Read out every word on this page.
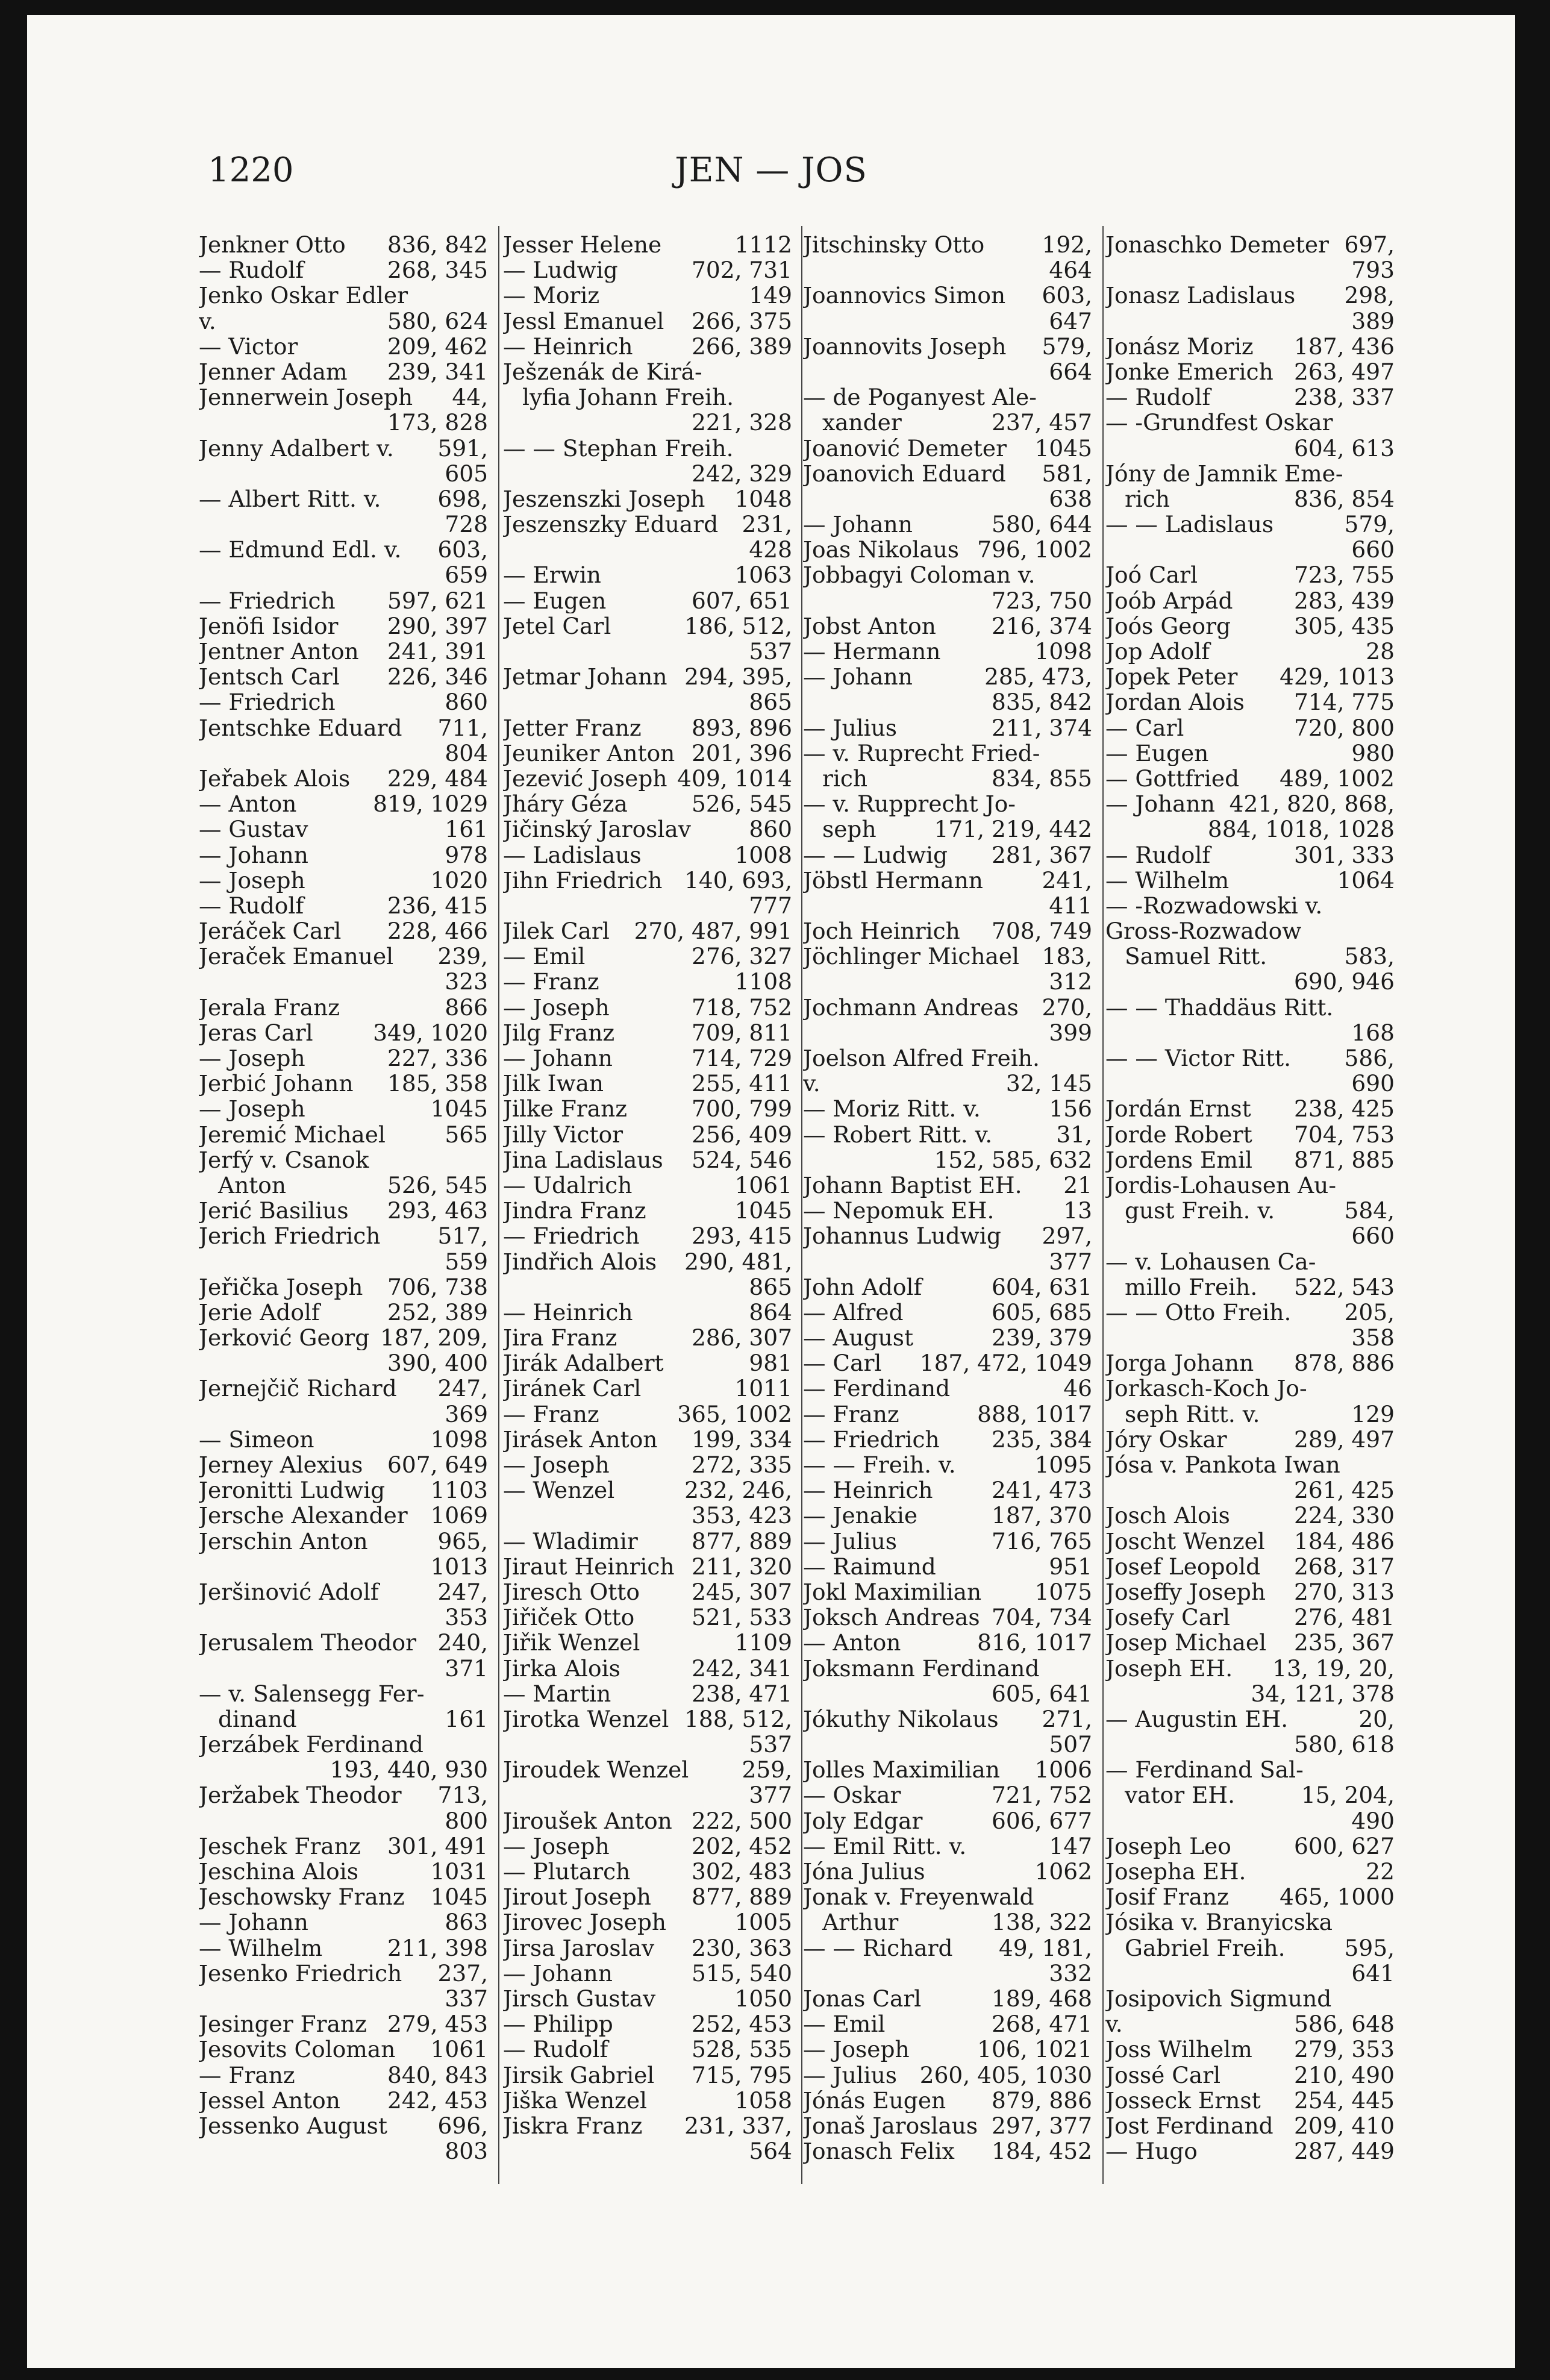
1220	JEN — JOS
Jenkner Otto 836, 842
— Rudolf	268, 345
Jenko Oskar Edler
v.	580, 624
— Victor	209, 462
Jenner Adam 239, 341
Jennerwein Joseph 44,
173, 828
Jenny Adalbert v. 591,
605
— Albert Ritt. v.	698,
728
— Edmund Edl. v. 603,
659
— Friedrich 597, 621
Jenöfi Isidor 290, 397
Jentner Anton 241, 391
Jentsch Carl 226, 346
— Friedrich	860
Jentschke Eduard 711,
804
Jeřabek Alois 229, 484
— Anton	819, 1029
— Gustav	161
— Johann	978
— Joseph	1020
— Rudolf	236, 415
Jeráček Carl 228, 466
Jeraček Emanuel 239,
323
Jerala Franz	866
Jeras Carl	349, 1020
— Joseph	227, 336
Jerbić Johann 185, 358
— Joseph	1045
Jeremić Michael	565
Jerfý v. Csanok
Anton	526, 545
Jerić Basilius 293, 463
Jerich Friedrich	517,
559
Jeřička Joseph 706, 738
Jerie Adolf	252, 389
Jerković Georg 187, 209,
390, 400
Jernejčič Richard 247,
369
— Simeon	1098
Jerney Alexius 607, 649
Jeronitti Ludwig 1103
Jersche Alexander 1069
Jerschin Anton	965,
1013
Jeršinović Adolf	247,
353
Jerusalem Theodor 240,
371
— v. Salensegg Fer-
dinand	161
Jerzábek Ferdinand
193, 440, 930
Jeržabek Theodor 713,
800
Jeschek Franz 301, 491
Jeschina Alois	1031
Jeschowsky Franz 1045
— Johann	863
— Wilhelm	211, 398
Jesenko Friedrich 237,
337
Jesinger Franz 279, 453
Jesovits Coloman 1061
— Franz	840, 843
Jessel Anton 242, 453
Jessenko August 696,
803
Jesser Helene	1112
— Ludwig	702, 731
— Moriz	149
Jessl Emanuel 266, 375
— Heinrich	266, 389
Ješzenák de Kirá-
lyfia Johann Freih.
221, 328
— — Stephan Freih.
242, 329
Jeszenszki Joseph 1048
Jeszenszky Eduard 231,
428
— Erwin	1063
— Eugen	607, 651
Jetel Carl	186, 512,
537
Jetmar Johann 294, 395,
865
Jetter Franz 893, 896
Jeuniker Anton 201, 396
Jezević Joseph 409, 1014
Jháry Géza	526, 545
Jičinský Jaroslav	860
— Ladislaus	1008
Jihn Friedrich 140, 693,
777
Jilek Carl 270, 487, 991
— Emil	276, 327
— Franz	1108
— Joseph	718, 752
Jilg Franz	709, 811
— Johann	714, 729
Jilk Iwan	255, 411
Jilke Franz	700, 799
Jilly Victor	256, 409
Jina Ladislaus 524, 546
— Udalrich	1061
Jindra Franz	1045
— Friedrich 293, 415
Jindřich Alois 290, 481,
865
— Heinrich	864
Jira Franz	286, 307
Jirák Adalbert	981
Jiránek Carl	1011
— Franz	365, 1002
Jirásek Anton 199, 334
— Joseph	272, 335
— Wenzel	232, 246,
353, 423
— Wladimir 877, 889
Jiraut Heinrich 211, 320
Jiresch Otto 245, 307
Jiřiček Otto	521, 533
Jiřik Wenzel	1109
Jirka Alois	242, 341
— Martin	238, 471
Jirotka Wenzel 188, 512,
537
Jiroudek Wenzel 259,
377
Jiroušek Anton 222, 500
— Joseph	202, 452
— Plutarch	302, 483
Jirout Joseph 877, 889
Jirovec Joseph	1005
Jirsa Jaroslav 230, 363
— Johann	515, 540
Jirsch Gustav	1050
— Philipp	252, 453
— Rudolf	528, 535
Jirsik Gabriel 715, 795
Jiška Wenzel	1058
Jiskra Franz 231, 337,
564
Jitschinsky Otto	192,
464
Joannovics Simon 603,
647
Joannovits Joseph 579,
664
— de Poganyest Ale-
xander	237, 457
Joanović Demeter 1045
Joanovich Eduard 581,
638
— Johann	580, 644
Joas Nikolaus 796, 1002
Jobbagyi Coloman v.
723, 750
Jobst Anton 216, 374
— Hermann	1098
— Johann	285, 473,
835, 842
— Julius	211, 374
— v. Ruprecht Fried-
rich	834, 855
— v. Rupprecht Jo-
seph	171, 219, 442
— — Ludwig 281, 367
Jöbstl Hermann	241,
411
Joch Heinrich 708, 749
Jöchlinger Michael 183,
312
Jochmann Andreas 270,
399
Joelson Alfred Freih.
v.	32, 145
— Moriz Ritt. v.	156
— Robert Ritt. v.	31,
152, 585, 632
Johann Baptist EH. 21
— Nepomuk EH.	13
Johannus Ludwig 297,
377
John Adolf	604, 631
— Alfred	605, 685
— August	239, 379
— Carl 187, 472, 1049
— Ferdinand	46
— Franz	888, 1017
— Friedrich 235, 384
— — Freih. v.	1095
— Heinrich	241, 473
— Jenakie	187, 370
— Julius	716, 765
— Raimund	951
Jokl Maximilian 1075
Joksch Andreas 704, 734
— Anton	816, 1017
Joksmann Ferdinand
605, 641
Jókuthy Nikolaus 271,
507
Jolles Maximilian 1006
— Oskar	721, 752
Joly Edgar	606, 677
— Emil Ritt. v.	147
Jóna Julius	1062
Jonak v. Freyenwald
Arthur	138, 322
— — Richard 49, 181,
332
Jonas Carl	189, 468
— Emil	268, 471
— Joseph	106, 1021
— Julius 260, 405, 1030
Jónás Eugen 879, 886
Jonaš Jaroslaus 297, 377
Jonasch Felix 184, 452
Jonaschko Demeter 697,
793
Jonasz Ladislaus 298,
389
Jonász Moriz 187, 436
Jonke Emerich 263, 497
— Rudolf	238, 337
— -Grundfest Oskar
604, 613
Jóny de Jamnik Eme-
rich	836, 854
— — Ladislaus	579,
660
Joó Carl	723, 755
Joób Arpád	283, 439
Joós Georg	305, 435
Jop Adolf	28
Jopek Peter 429, 1013
Jordan Alois 714, 775
— Carl	720, 800
— Eugen	980
— Gottfried 489, 1002
— Johann 421, 820, 868,
884, 1018, 1028
— Rudolf	301, 333
— Wilhelm	1064
— -Rozwadowski v.
Gross-Rozwadow
Samuel Ritt.	583,
690, 946
— — Thaddäus Ritt.
168
— — Victor Ritt. 586,
690
Jordán Ernst 238, 425
Jorde Robert 704, 753
Jordens Emil 871, 885
Jordis-Lohausen Au-
gust Freih. v.	584,
660
— v. Lohausen Ca-
millo Freih. 522, 543
— — Otto Freih. 205,
358
Jorga Johann 878, 886
Jorkasch-Koch Jo-
seph Ritt. v.	129
Jóry Oskar	289, 497
Jósa v. Pankota Iwan
261, 425
Josch Alois	224, 330
Joscht Wenzel 184, 486
Josef Leopold 268, 317
Joseffy Joseph 270, 313
Josefy Carl	276, 481
Josep Michael 235, 367
Joseph EH. 13, 19, 20,
34, 121, 378
— Augustin EH.	20,
580, 618
— Ferdinand Sal-
vator EH.	15, 204,
490
Joseph Leo	600, 627
Josepha EH.	22
Josif Franz 465, 1000
Jósika v. Branyicska
Gabriel Freih.	595,
641
Josipovich Sigmund
v.	586, 648
Joss Wilhelm 279, 353
Jossé Carl	210, 490
Josseck Ernst 254, 445
Jost Ferdinand 209, 410
— Hugo	287, 449
